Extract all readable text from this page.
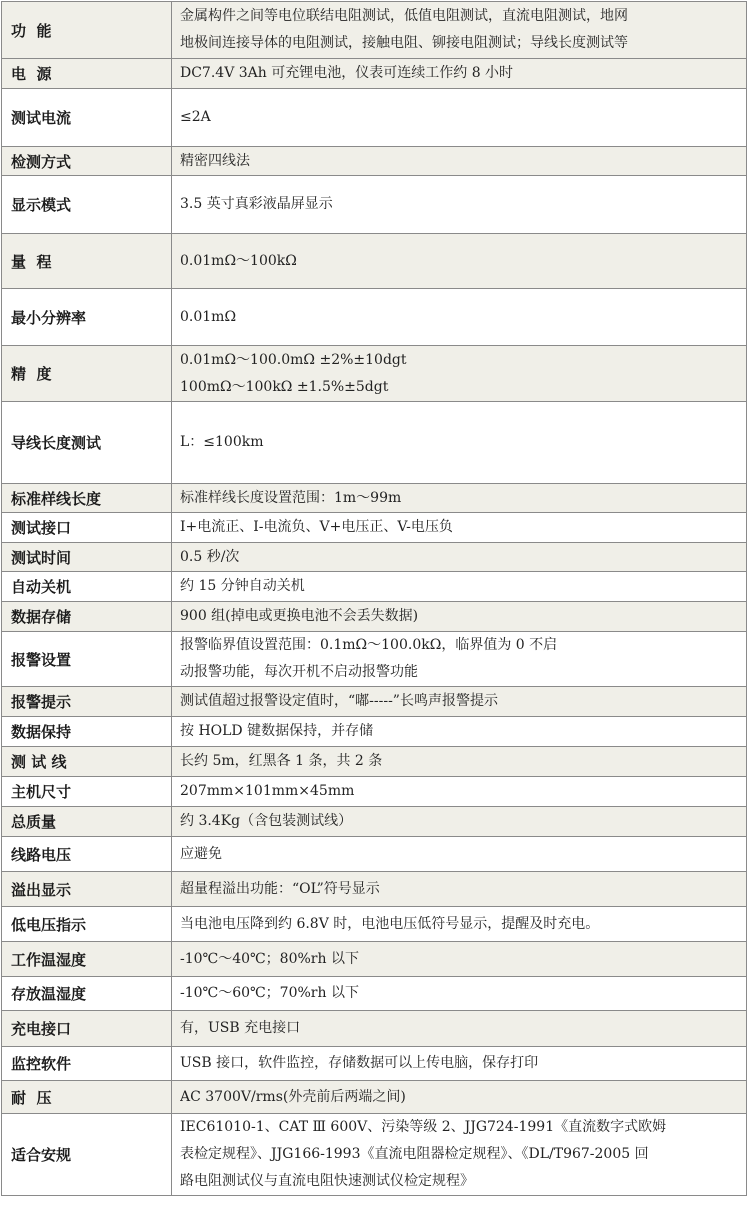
功  能	金属构件之间等电位联结电阻测试，低值电阻测试，直流电阻测试，地网
地极间连接导体的电阻测试，接触电阻、铆接电阻测试；导线长度测试等

电  源	DC7.4V 3Ah 可充锂电池，仪表可连续工作约 8 小时

测试电流	≤2A

检测方式	精密四线法

显示模式	3.5 英寸真彩液晶屏显示

量  程	0.01mΩ～100kΩ

最小分辨率	0.01mΩ

精  度	0.01mΩ～100.0mΩ ±2%±10dgt
100mΩ～100kΩ ±1.5%±5dgt

导线长度测试	L：≤100km

标准样线长度	标准样线长度设置范围：1m～99m

测试接口	I+电流正、I-电流负、V+电压正、V-电压负

测试时间	0.5 秒/次

自动关机	约 15 分钟自动关机

数据存储	900 组(掉电或更换电池不会丢失数据)

报警设置	报警临界值设置范围：0.1mΩ～100.0kΩ，临界值为 0 不启
动报警功能，每次开机不启动报警功能

报警提示	测试值超过报警设定值时，“嘟-----”长鸣声报警提示

数据保持	按 HOLD 键数据保持，并存储

测 试 线	长约 5m，红黑各 1 条，共 2 条

主机尺寸	207mm×101mm×45mm

总质量	约 3.4Kg（含包装测试线）

线路电压	应避免

溢出显示	超量程溢出功能：“OL”符号显示

低电压指示	当电池电压降到约 6.8V 时，电池电压低符号显示，提醒及时充电。

工作温湿度	-10℃～40℃；80%rh 以下

存放温湿度	-10℃～60℃；70%rh 以下

充电接口	有，USB 充电接口

监控软件	USB 接口，软件监控，存储数据可以上传电脑，保存打印

耐  压	AC 3700V/rms(外壳前后两端之间)

适合安规	IEC61010-1、CAT Ⅲ 600V、污染等级 2、JJG724-1991《直流数字式欧姆
表检定规程》、JJG166-1993《直流电阻器检定规程》、《DL/T967-2005 回
路电阻测试仪与直流电阻快速测试仪检定规程》
